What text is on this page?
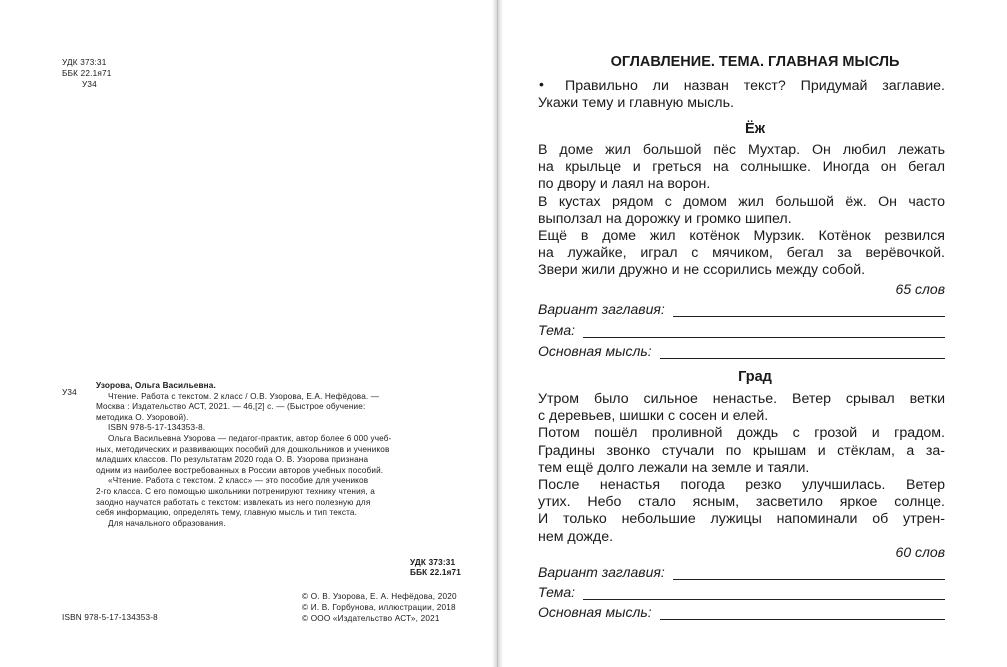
УДК 373:31
ББК 22.1я71
У34
У34

Узорова, Ольга Васильевна.

Чтение. Работа с текстом. 2 класс / О.В. Узорова, Е.А. Нефёдова. —

Москва : Издательство АСТ, 2021. — 46,[2] с. — (Быстрое обучение:

методика О. Узоровой).

ISBN 978-5-17-134353-8.

Ольга Васильевна Узорова — педагог-практик, автор более 6 000 учеб-

ных, методических и развивающих пособий для дошкольников и учеников

младших классов. По результатам 2020 года О. В. Узорова признана

одним из наиболее востребованных в России авторов учебных пособий.

«Чтение. Работа с текстом. 2 класс» — это пособие для учеников

2-го класса. С его помощью школьники потренируют технику чтения, а

заодно научатся работать с текстом: извлекать из него полезную для

себя информацию, определять тему, главную мысль и тип текста.

Для начального образования.

УДК 373:31
ББК 22.1я71
© О. В. Узорова, Е. А. Нефёдова, 2020
© И. В. Горбунова, иллюстрации, 2018
© ООО «Издательство АСТ», 2021
ISBN 978-5-17-134353-8
ОГЛАВЛЕНИЕ. ТЕМА. ГЛАВНАЯ МЫСЛЬ
• Правильно ли назван текст? Придумай заглавие.

Укажи тему и главную мысль.

Ёж

В доме жил большой пёс Мухтар. Он любил лежать

на крыльце и греться на солнышке. Иногда он бегал

по двору и лаял на ворон.

В кустах рядом с домом жил большой ёж. Он часто

выползал на дорожку и громко шипел.

Ещё в доме жил котёнок Мурзик. Котёнок резвился

на лужайке, играл с мячиком, бегал за верёвочкой.

Звери жили дружно и не ссорились между собой.

65 слов
Вариант заглавия:
Тема:
Основная мысль:
Град

Утром было сильное ненастье. Ветер срывал ветки

с деревьев, шишки с сосен и елей.

Потом пошёл проливной дождь с грозой и градом.

Градины звонко стучали по крышам и стёклам, а за-

тем ещё долго лежали на земле и таяли.

После ненастья погода резко улучшилась. Ветер

утих. Небо стало ясным, засветило яркое солнце.

И только небольшие лужицы напоминали об утрен-

нем дожде.

60 слов
Вариант заглавия:
Тема:
Основная мысль:
